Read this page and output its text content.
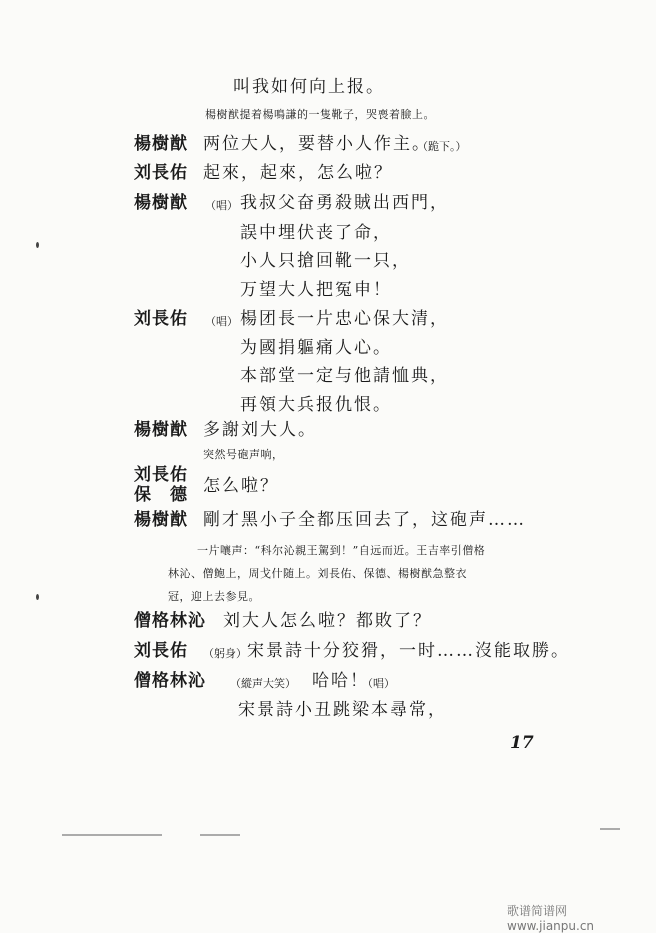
叫我如何向上报。
楊樹猷提着楊鳴謙的一隻靴子，哭喪着臉上。
楊樹猷 两位大人，要替小人作主。
（跪下。）
刘長佑 起來，起來，怎么啦？
楊樹猷 （唱） 我叔父奋勇殺賊出西門，
誤中埋伏丧了命，
小人只搶回靴一只，
万望大人把冤申！
刘長佑 （唱） 楊团長一片忠心保大清，
为國捐軀痛人心。
本部堂一定与他請恤典，
再領大兵报仇恨。
楊樹猷 多謝刘大人。
突然号砲声响，
刘長佑
保　德 怎么啦？
楊樹猷 剛才黑小子全都压回去了，这砲声……
一片嚷声：“科尔沁親王駕到！”自远而近。王吉率引僧格
林沁、僧鲍上，周戈什随上。刘長佑、保德、楊樹猷急整衣
冠，迎上去参見。
僧格林沁 刘大人怎么啦？都敗了？
刘長佑 （躬身） 宋景詩十分狡猾，一时……沒能取勝。
僧格林沁 （縱声大笑） 哈哈！
（唱）
宋景詩小丑跳梁本尋常，
17
歌谱简谱网 www.jianpu.cn
